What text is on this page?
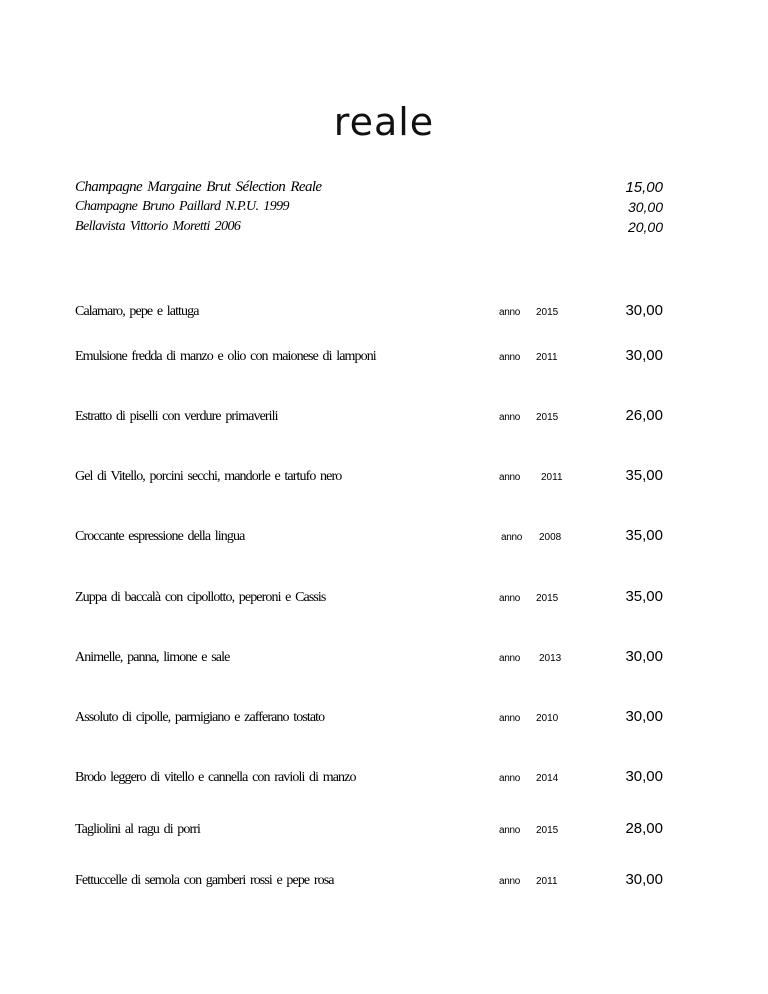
reale
Champagne Margaine Brut Sélection Reale	15,00
Champagne Bruno Paillard N.P.U. 1999	30,00
Bellavista Vittorio Moretti 2006	20,00
Calamaro, pepe e lattuga	anno 2015	30,00
Emulsione fredda di manzo e olio con maionese di lamponi	anno 2011	30,00
Estratto di piselli con verdure primaverili	anno 2015	26,00
Gel di Vitello, porcini secchi, mandorle e tartufo nero	anno 2011	35,00
Croccante espressione della lingua	anno 2008	35,00
Zuppa di baccalà con cipollotto, peperoni e Cassis	anno 2015	35,00
Animelle, panna, limone e sale	anno 2013	30,00
Assoluto di cipolle, parmigiano e zafferano tostato	anno 2010	30,00
Brodo leggero di vitello e cannella con ravioli di manzo	anno 2014	30,00
Tagliolini al ragu di porri	anno 2015	28,00
Fettuccelle di semola con gamberi rossi e pepe rosa	anno 2011	30,00
